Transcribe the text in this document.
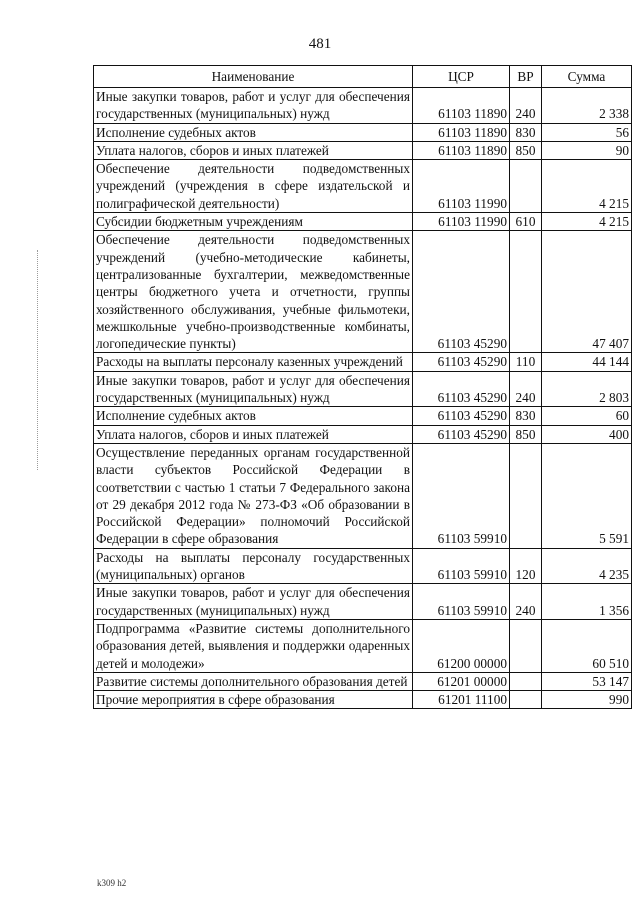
481
Наименование	ЦСР	ВР	Сумма
Иные закупки товаров, работ и услуг для обеспечения государственных (муниципальных) нужд	61103 11890	240	2 338
Исполнение судебных актов	61103 11890	830	56
Уплата налогов, сборов и иных платежей	61103 11890	850	90
Обеспечение деятельности подведомственных учреждений (учреждения в сфере издательской и полиграфической деятельности)	61103 11990		4 215
Субсидии бюджетным учреждениям	61103 11990	610	4 215
Обеспечение деятельности подведомственных учреждений (учебно-методические кабинеты, централизованные бухгалтерии, межведомственные центры бюджетного учета и отчетности, группы хозяйственного обслуживания, учебные фильмотеки, межшкольные учебно-производственные комбинаты, логопедические пункты)	61103 45290		47 407
Расходы на выплаты персоналу казенных учреждений	61103 45290	110	44 144
Иные закупки товаров, работ и услуг для обеспечения государственных (муниципальных) нужд	61103 45290	240	2 803
Исполнение судебных актов	61103 45290	830	60
Уплата налогов, сборов и иных платежей	61103 45290	850	400
Осуществление переданных органам государственной власти субъектов Российской Федерации в соответствии с частью 1 статьи 7 Федерального закона от 29 декабря 2012 года № 273-ФЗ «Об образовании в Российской Федерации» полномочий Российской Федерации в сфере образования	61103 59910		5 591
Расходы на выплаты персоналу государственных (муниципальных) органов	61103 59910	120	4 235
Иные закупки товаров, работ и услуг для обеспечения государственных (муниципальных) нужд	61103 59910	240	1 356
Подпрограмма «Развитие системы дополнительного образования детей, выявления и поддержки одаренных детей и молодежи»	61200 00000		60 510
Развитие системы дополнительного образования детей	61201 00000		53 147
Прочие мероприятия в сфере образования	61201 11100		990
k309 h2
